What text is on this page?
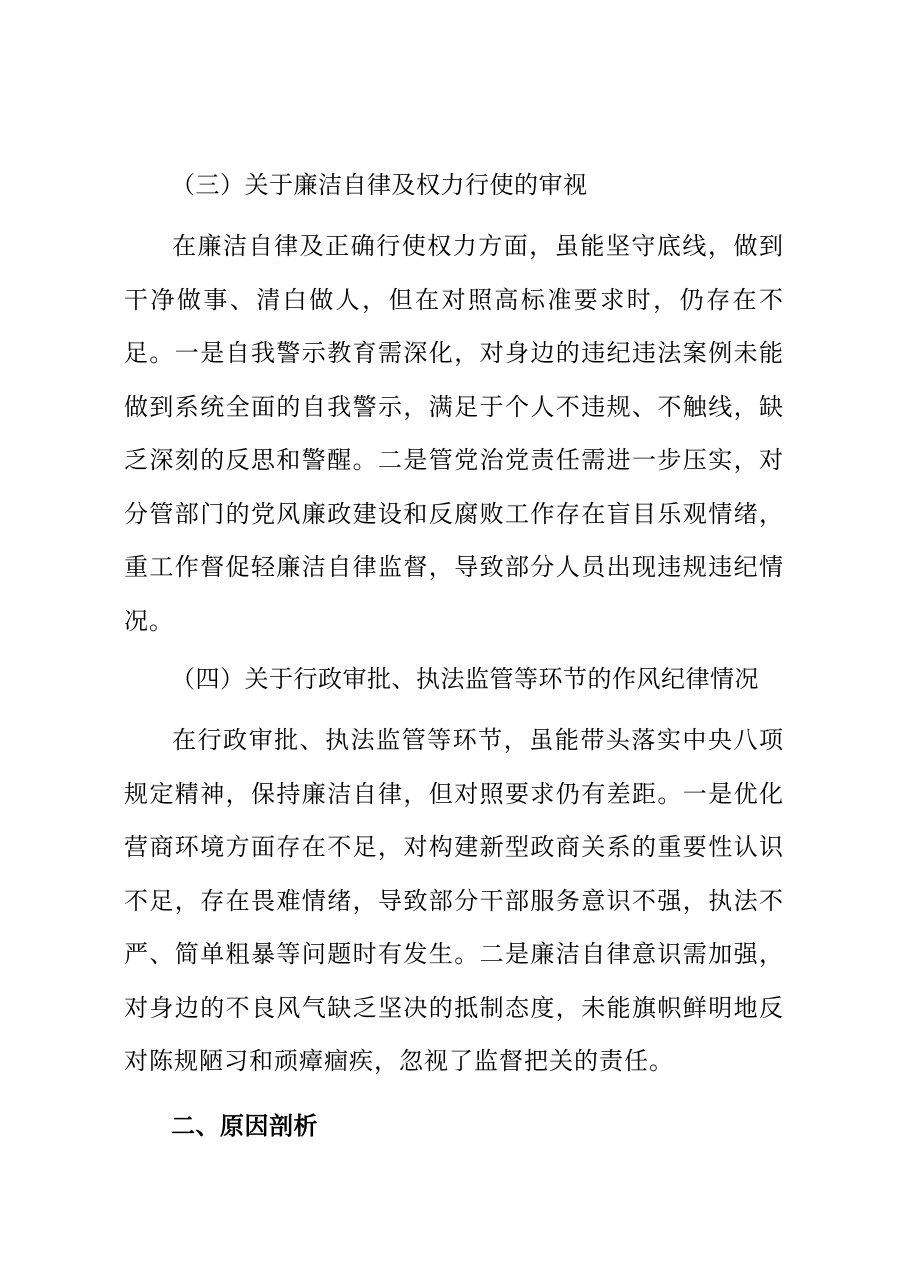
（三）关于廉洁自律及权力行使的审视

在廉洁自律及正确行使权力方面，虽能坚守底线，做到干净做事、清白做人，但在对照高标准要求时，仍存在不足。一是自我警示教育需深化，对身边的违纪违法案例未能做到系统全面的自我警示，满足于个人不违规、不触线，缺乏深刻的反思和警醒。二是管党治党责任需进一步压实，对分管部门的党风廉政建设和反腐败工作存在盲目乐观情绪，重工作督促轻廉洁自律监督，导致部分人员出现违规违纪情况。

（四）关于行政审批、执法监管等环节的作风纪律情况

在行政审批、执法监管等环节，虽能带头落实中央八项规定精神，保持廉洁自律，但对照要求仍有差距。一是优化营商环境方面存在不足，对构建新型政商关系的重要性认识不足，存在畏难情绪，导致部分干部服务意识不强，执法不严、简单粗暴等问题时有发生。二是廉洁自律意识需加强，对身边的不良风气缺乏坚决的抵制态度，未能旗帜鲜明地反对陈规陋习和顽瘴痼疾，忽视了监督把关的责任。

二、原因剖析
